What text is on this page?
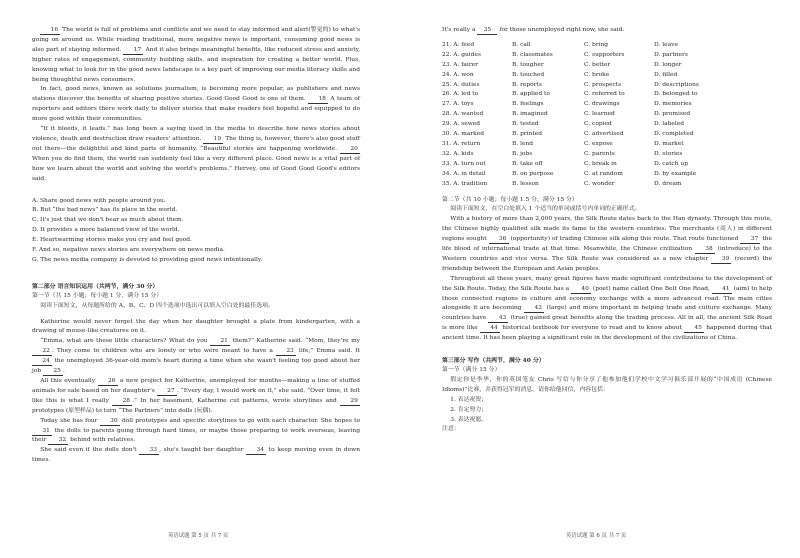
16 The world is full of problems and conflicts and we need to stay informed and alert(警觉的) to what's going on around us. While reading traditional, more negative news is important, consuming good news is also part of staying informed. 17 And it also brings meaningful benefits, like reduced stress and anxiety, higher rates of engagement, community building skills, and inspiration for creating a better world. Plus, knowing what to look for in the good news landscape is a key part of improving our media literacy skills and being thoughtful news consumers.

In fact, good news, known as solutions journalism, is becoming more popular, as publishers and news stations discover the benefits of sharing positive stories. Good Good Good is one of them. 18 A team of reporters and editors there work daily to deliver stories that make readers feel hopeful and equipped to do more good within their communities.

“If it bleeds, it leads.” has long been a saying used in the media to describe how news stories about violence, death and destruction draw readers' attention. 19 The thing is, however, there's also good stuff out there—the delightful and kind parts of humanity. “Beautiful stories are happening worldwide. 20 When you do find them, the world can suddenly feel like a very different place. Good news is a vital part of how we learn about the world and solving the world's problems.” Hervey, one of Good Good Good's editors said.

A. Share good news with people around you.
B. But “the bad news” has its place in the world.
C. It's just that we don't hear as much about them.
D. It provides a more balanced view of the world.
E. Heartwarming stories make you cry and feel good.
F. And so, negative news stories are everywhere on news media.
G. The news media company is devoted to providing good news intentionally.
第二部分 语言知识运用（共两节，满分 30 分）
第一节（共 15 小题；每小题 1 分，满分 15 分）
阅读下面短文，从每题所给的 A、B、C、D 四个选项中选出可以填入空白处的最佳选项。

Katherine would never forget the day when her daughter brought a plate from kindergarten, with a drawing of mouse-like creatures on it.

“Emma, what are these little characters? What do you 21 them?” Katherine said. “Mom, they're my 22 . They come to children who are lonely or who were meant to have a 23 life,” Emma said. It 24 the unemployed 36-year-old mom's heart during a time when she wasn't feeling too good about her job 25 .

All this eventually 26 a new project for Katherine, unemployed for months—making a line of stuffed animals for sale based on her daughter's 27 . “Every day, I would work on it,” she said. “Over time, it felt like this is what I really 28 .” In her basement, Katherine cut patterns, wrote storylines and 29 prototypes (原型样品) to turn “The Partners” into dolls (玩偶).

Today she has four 30 doll prototypes and specific storylines to go with each character. She hopes to 31 the dolls to parents going through hard times, or maybe those preparing to work overseas, leaving their 32 behind with relatives.

She said even if the dolls don't 33 , she's taught her daughter 34 to keep moving even in down times.

英语试题 第 5 页 共 7 页

It's really a 35 for those unemployed right now, she said.

21. A. feed	B. call	C. bring	D. leave
22. A. guides	B. classmates	C. supporters	D. partners
23. A. fairer	B. tougher	C. better	D. longer
24. A. won	B. touched	C. broke	D. filled
25. A. duties	B. reports	C. prospects	D. descriptions
26. A. led to	B. applied to	C. referred to	D. belonged to
27. A. toys	B. feelings	C. drawings	D. memories
28. A. wanted	B. imagined	C. learned	D. promised
29. A. sewed	B. tested	C. copied	D. labeled
30. A. marked	B. printed	C. advertised	D. completed
31. A. return	B. lend	C. expose	D. market
32. A. kids	B. jobs	C. parents	D. stories
33. A. turn out	B. take off	C. break in	D. catch up
34. A. in detail	B. on purpose	C. at random	D. by example
35. A. tradition	B. lesson	C. wonder	D. dream
第二节（共 10 小题；每小题 1.5 分，满分 15 分）
阅读下面短文，在空白处填入 1 个适当的单词或括号内单词的正确形式。

With a history of more than 2,000 years, the Silk Route dates back to the Han dynasty. Through this route, the Chinese highly qualified silk made its fame to the western countries. The merchants (商人) in different regions sought 36 (opportunity) of trading Chinese silk along this route. That route functioned 37 the life blood of international trade at that time. Meanwhile, the Chinese civilization 38 (introduce) to the Western countries and vice versa. The Silk Route was considered as a new chapter 39 (record) the friendship between the European and Asian peoples.

Throughout all these years, many great figures have made significant contributions to the development of the Silk Route. Today, the Silk Route has a 40 (poet) name called One Belt One Road, 41 (aim) to help those connected regions in culture and economy exchange with a more advanced road. The main cities alongside it are becoming 42 (large) and more important in helping trade and culture exchange. Many countries have 43 (true) gained great benefits along the trading process. All in all, the ancient Silk Road is more like 44 historical textbook for everyone to read and to know about 45 happened during that ancient time. It has been playing a significant role in the development of the civilizations of China.

第三部分 写作（共两节，满分 40 分）
第一节（满分 15 分）

假定你是李华，你的英国笔友 Chris 写信与你分享了他参加他们学校中文学习俱乐部开展的“中国成语 (Chinese Idioms)”比赛，并获得冠军的消息。请你给他回信，内容包括：

1. 表达祝贺；
2. 肯定努力；
3. 表达祝愿。
注意：
英语试题 第 6 页 共 7 页
